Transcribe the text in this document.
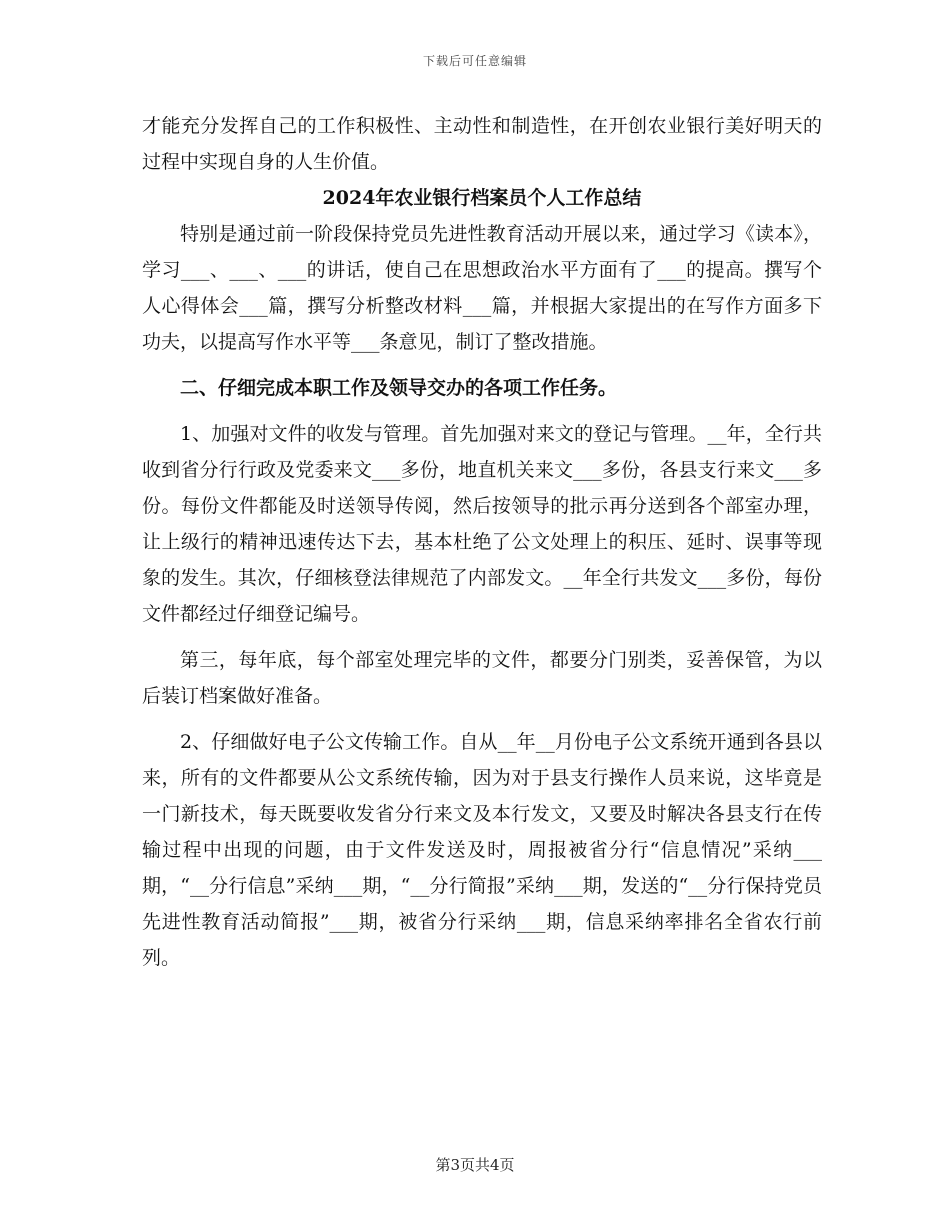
下载后可任意编辑

才能充分发挥自己的工作积极性、主动性和制造性，在开创农业银行美好明天的过程中实现自身的人生价值。

2024年农业银行档案员个人工作总结

特别是通过前一阶段保持党员先进性教育活动开展以来，通过学习《读本》，学习___、___、___的讲话，使自己在思想政治水平方面有了___的提高。撰写个人心得体会___篇，撰写分析整改材料___篇，并根据大家提出的在写作方面多下功夫，以提高写作水平等___条意见，制订了整改措施。

二、仔细完成本职工作及领导交办的各项工作任务。

1、加强对文件的收发与管理。首先加强对来文的登记与管理。__年，全行共收到省分行行政及党委来文___多份，地直机关来文___多份，各县支行来文___多份。每份文件都能及时送领导传阅，然后按领导的批示再分送到各个部室办理，让上级行的精神迅速传达下去，基本杜绝了公文处理上的积压、延时、误事等现象的发生。其次，仔细核登法律规范了内部发文。__年全行共发文___多份，每份文件都经过仔细登记编号。

第三，每年底，每个部室处理完毕的文件，都要分门别类，妥善保管，为以后装订档案做好准备。

2、仔细做好电子公文传输工作。自从__年__月份电子公文系统开通到各县以来，所有的文件都要从公文系统传输，因为对于县支行操作人员来说，这毕竟是一门新技术，每天既要收发省分行来文及本行发文，又要及时解决各县支行在传输过程中出现的问题，由于文件发送及时，周报被省分行“信息情况”采纳___期，“__分行信息”采纳___期，“__分行简报”采纳___期，发送的“__分行保持党员先进性教育活动简报”___期，被省分行采纳___期，信息采纳率排名全省农行前列。

第3页共4页
